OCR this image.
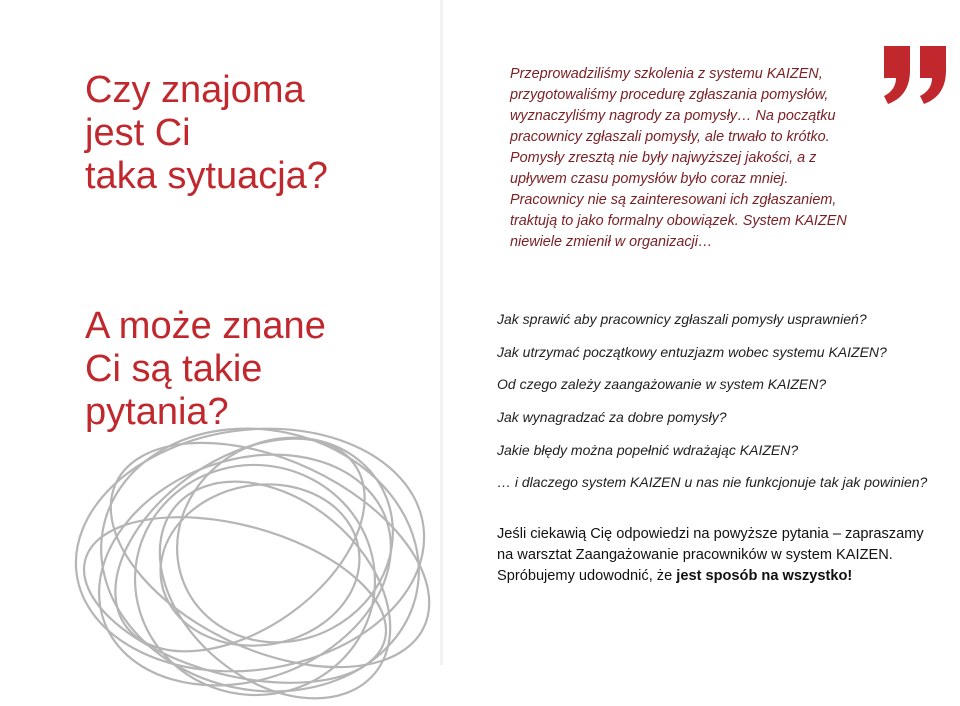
Czy znajoma
jest Ci
taka sytuacja?
A może znane
Ci są takie
pytania?
Przeprowadziliśmy szkolenia z systemu KAIZEN,
przygotowaliśmy procedurę zgłaszania pomysłów,
wyznaczyliśmy nagrody za pomysły… Na początku
pracownicy zgłaszali pomysły, ale trwało to krótko.
Pomysły zresztą nie były najwyższej jakości, a z
upływem czasu pomysłów było coraz mniej.
Pracownicy nie są zainteresowani ich zgłaszaniem,
traktują to jako formalny obowiązek. System KAIZEN
niewiele zmienił w organizacji…
Jak sprawić aby pracownicy zgłaszali pomysły usprawnień?
Jak utrzymać początkowy entuzjazm wobec systemu KAIZEN?
Od czego zależy zaangażowanie w system KAIZEN?
Jak wynagradzać za dobre pomysły?
Jakie błędy można popełnić wdrażając KAIZEN?
… i dlaczego system KAIZEN u nas nie funkcjonuje tak jak powinien?
Jeśli ciekawią Cię odpowiedzi na powyższe pytania – zapraszamy
na warsztat Zaangażowanie pracowników w system KAIZEN.
Spróbujemy udowodnić, że jest sposób na wszystko!
